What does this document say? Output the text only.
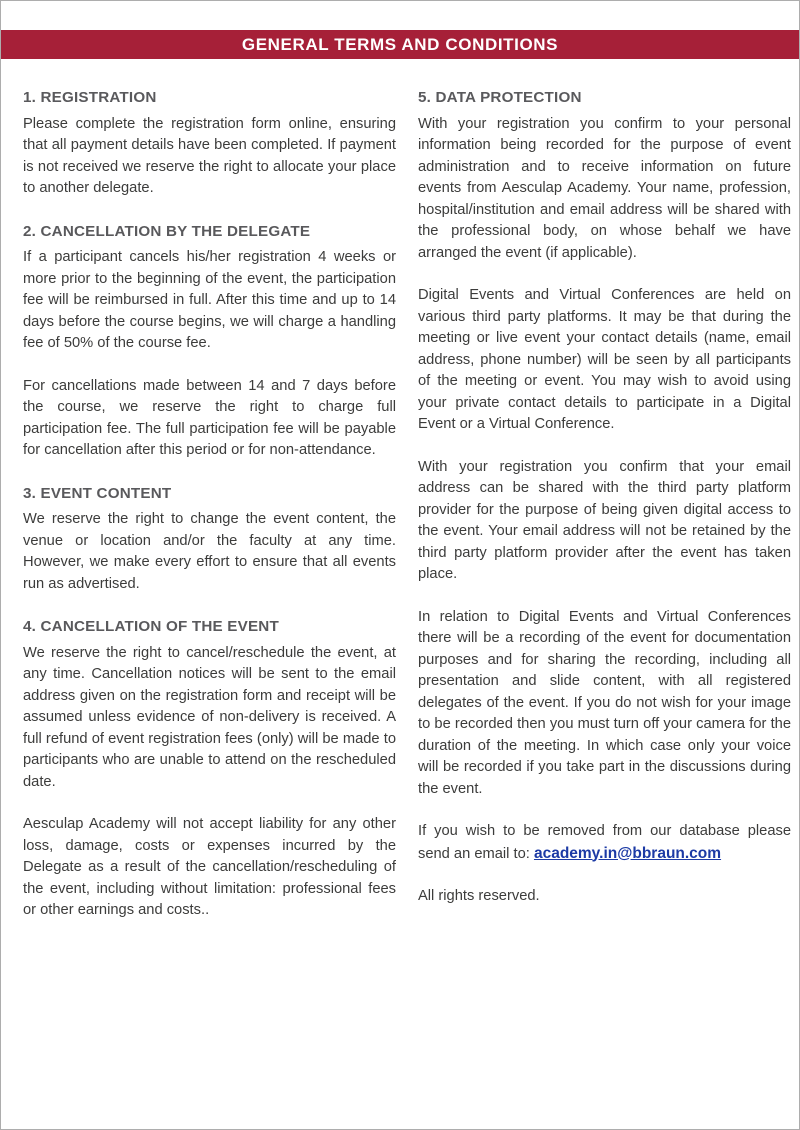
GENERAL TERMS AND CONDITIONS
1. REGISTRATION

Please complete the registration form online, ensuring that all payment details have been completed. If payment is not received we reserve the right to allocate your place to another delegate.

2. CANCELLATION BY THE DELEGATE

If a participant cancels his/her registration 4 weeks or more prior to the beginning of the event, the participation fee will be reimbursed in full. After this time and up to 14 days before the course begins, we will charge a handling fee of 50% of the course fee.

For cancellations made between 14 and 7 days before the course, we reserve the right to charge full participation fee. The full participation fee will be payable for cancellation after this period or for non-attendance.

3. EVENT CONTENT

We reserve the right to change the event content, the venue or location and/or the faculty at any time. However, we make every effort to ensure that all events run as advertised.

4. CANCELLATION OF THE EVENT

We reserve the right to cancel/reschedule the event, at any time. Cancellation notices will be sent to the email address given on the registration form and receipt will be assumed unless evidence of non-delivery is received. A full refund of event registration fees (only) will be made to participants who are unable to attend on the rescheduled date.

Aesculap Academy will not accept liability for any other loss, damage, costs or expenses incurred by the Delegate as a result of the cancellation/rescheduling of the event, including without limitation: professional fees or other earnings and costs..

5. DATA PROTECTION

With your registration you confirm to your personal information being recorded for the purpose of event administration and to receive information on future events from Aesculap Academy. Your name, profession, hospital/institution and email address will be shared with the professional body, on whose behalf we have arranged the event (if applicable).

Digital Events and Virtual Conferences are held on various third party platforms. It may be that during the meeting or live event your contact details (name, email address, phone number) will be seen by all participants of the meeting or event. You may wish to avoid using your private contact details to participate in a Digital Event or a Virtual Conference.

With your registration you confirm that your email address can be shared with the third party platform provider for the purpose of being given digital access to the event. Your email address will not be retained by the third party platform provider after the event has taken place.

In relation to Digital Events and Virtual Conferences there will be a recording of the event for documentation purposes and for sharing the recording, including all presentation and slide content, with all registered delegates of the event. If you do not wish for your image to be recorded then you must turn off your camera for the duration of the meeting. In which case only your voice will be recorded if you take part in the discussions during the event.

If you wish to be removed from our database please send an email to: academy.in@bbraun.com

All rights reserved.
